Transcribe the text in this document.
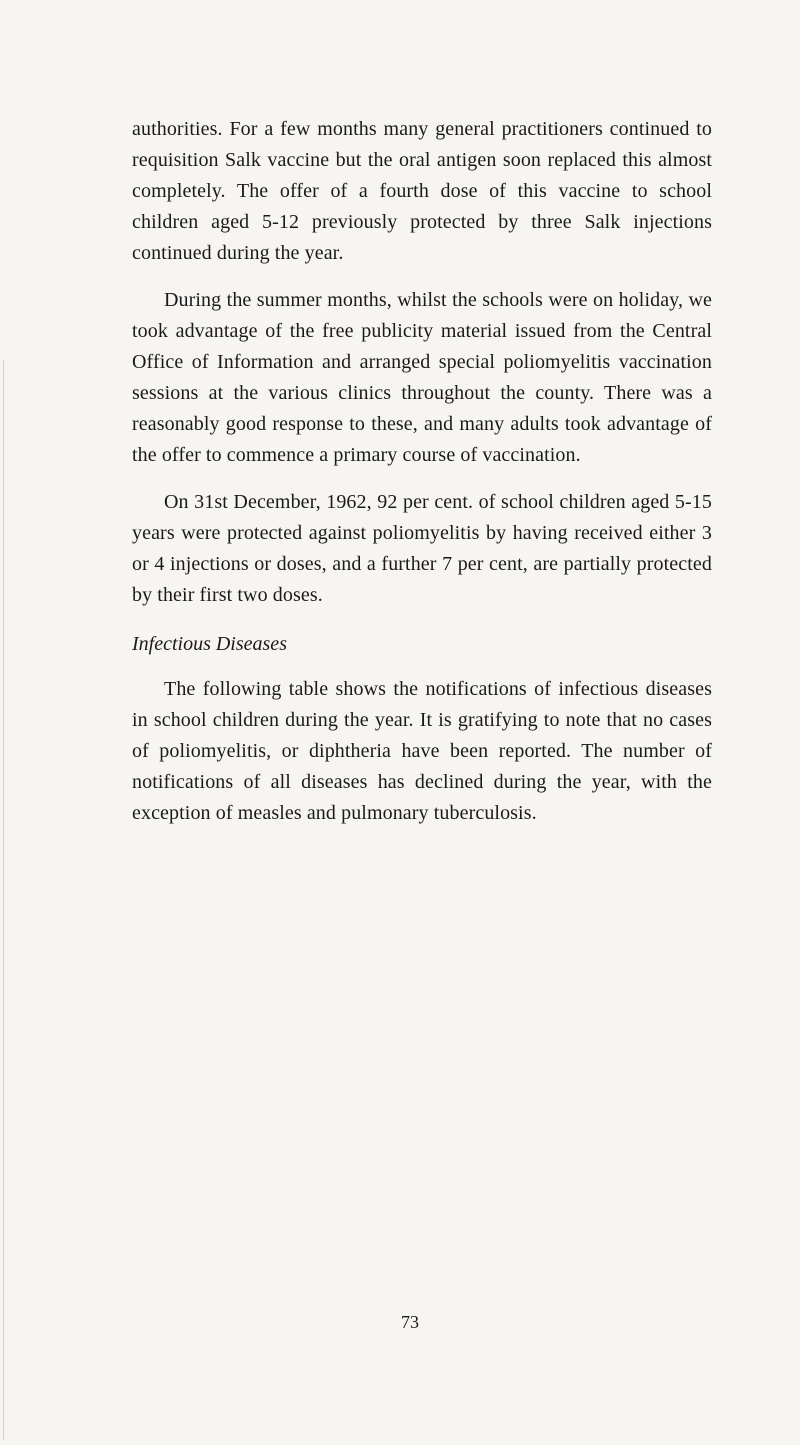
authorities. For a few months many general practitioners continued to requisition Salk vaccine but the oral antigen soon replaced this almost completely. The offer of a fourth dose of this vaccine to school children aged 5-12 previously protected by three Salk injections continued during the year.

During the summer months, whilst the schools were on holiday, we took advantage of the free publicity material issued from the Central Office of Information and arranged special poliomyelitis vaccination sessions at the various clinics throughout the county. There was a reasonably good response to these, and many adults took advantage of the offer to commence a primary course of vaccination.

On 31st December, 1962, 92 per cent. of school children aged 5-15 years were protected against poliomyelitis by having received either 3 or 4 injections or doses, and a further 7 per cent, are partially protected by their first two doses.

Infectious Diseases

The following table shows the notifications of infectious diseases in school children during the year. It is gratifying to note that no cases of poliomyelitis, or diphtheria have been reported. The number of notifications of all diseases has declined during the year, with the exception of measles and pulmonary tuberculosis.

73
